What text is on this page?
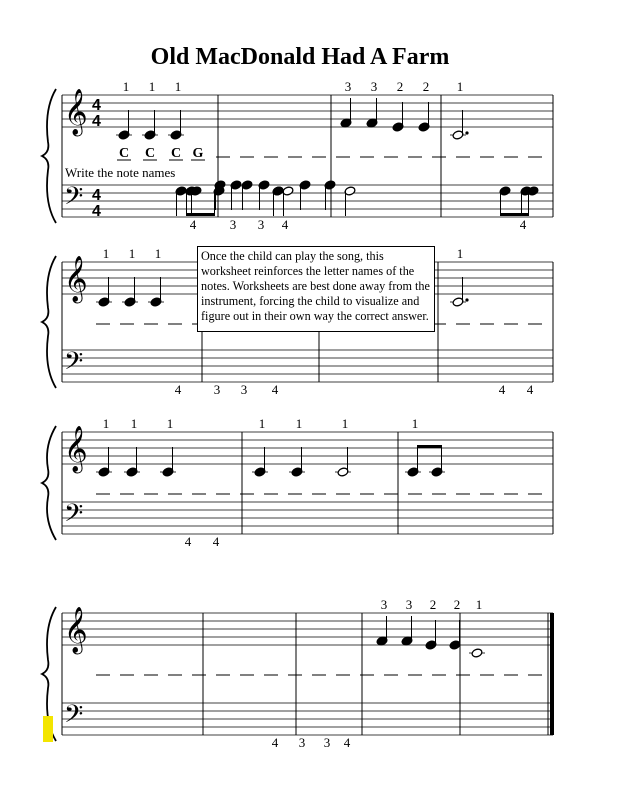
Old MacDonald Had A Farm
Write the note names
𝄞
𝄢
4
4
4
4
𝄞
𝄢
𝄞
𝄢
𝄞
𝄢
1 1 1	3 3 2 2 1
4	3 3 4	4
1 1 1	1
4	3 3 4	4 4
1 1 1	1 1	1	1
4 4
3 3 2 2 1
4 3 3 4
C C C G
Once the child can play the song, this worksheet reinforces the letter names of the notes. Worksheets are best done away from the instrument, forcing the child to visualize and figure out in their own way the correct answer.
